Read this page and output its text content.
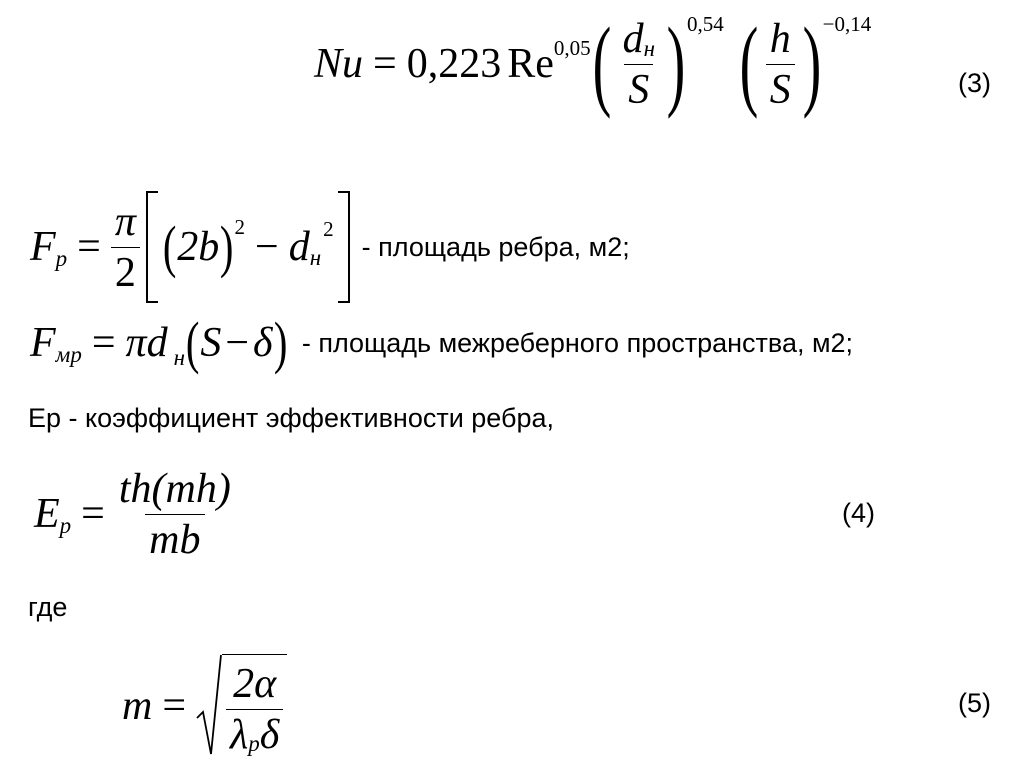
Nu = 0,223 Re 0,05 ( $\frac{\text{d н}}{S}$ ) 0,54 ( $\frac{h}{S}$ ) −0,14
(3)
F $р = \frac{\pi}{2}$ ( 2b ) 2 − d н
2
- площадь ребра, м2;
F мр = πd н ( S − δ ) - площадь межреберного пространства, м2;
Ер - коэффициент эффективности ребра,
E $р = \frac{th(mh)}{mb}$	(4)
где
$m = \frac{2\alpha}{\text{λ р δ}}$	(5)
